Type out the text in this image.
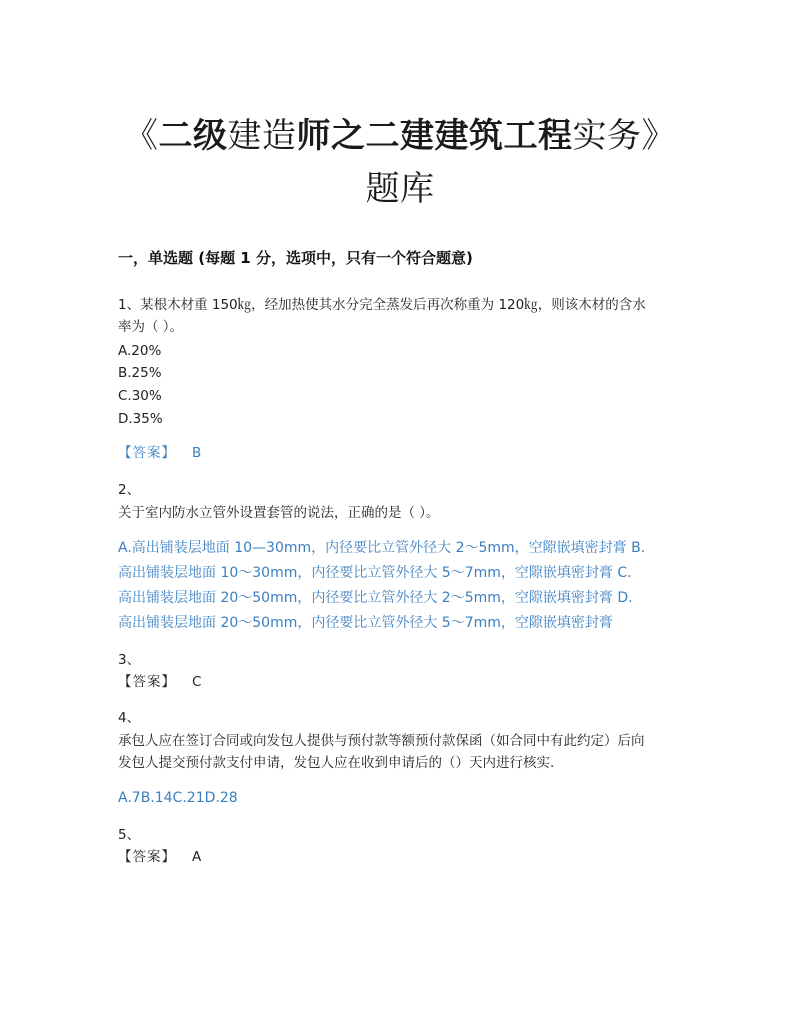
《二级建造师之二建建筑工程实务》
题库
一，单选题 (每题 1 分，选项中，只有一个符合题意)
1、某根木材重 150㎏，经加热使其水分完全蒸发后再次称重为 120㎏，则该木材的含水
率为（ ）。
A.20%
B.25%
C.30%
D.35%
【答案】 B
2、
关于室内防水立管外设置套管的说法，正确的是（ ）。
A.高出铺装层地面 10—30mm，内径要比立管外径大 2～5mm，空隙嵌填密封膏 B.
高出铺装层地面 10～30mm，内径要比立管外径大 5～7mm，空隙嵌填密封膏 C.
高出铺装层地面 20～50mm，内径要比立管外径大 2～5mm，空隙嵌填密封膏 D.
高出铺装层地面 20～50mm，内径要比立管外径大 5～7mm，空隙嵌填密封膏
3、
【答案】 C
4、
承包人应在签订合同或向发包人提供与预付款等额预付款保函（如合同中有此约定）后向
发包人提交预付款支付申请，发包人应在收到申请后的（）天内进行核实.
A.7B.14C.21D.28
5、
【答案】 A
